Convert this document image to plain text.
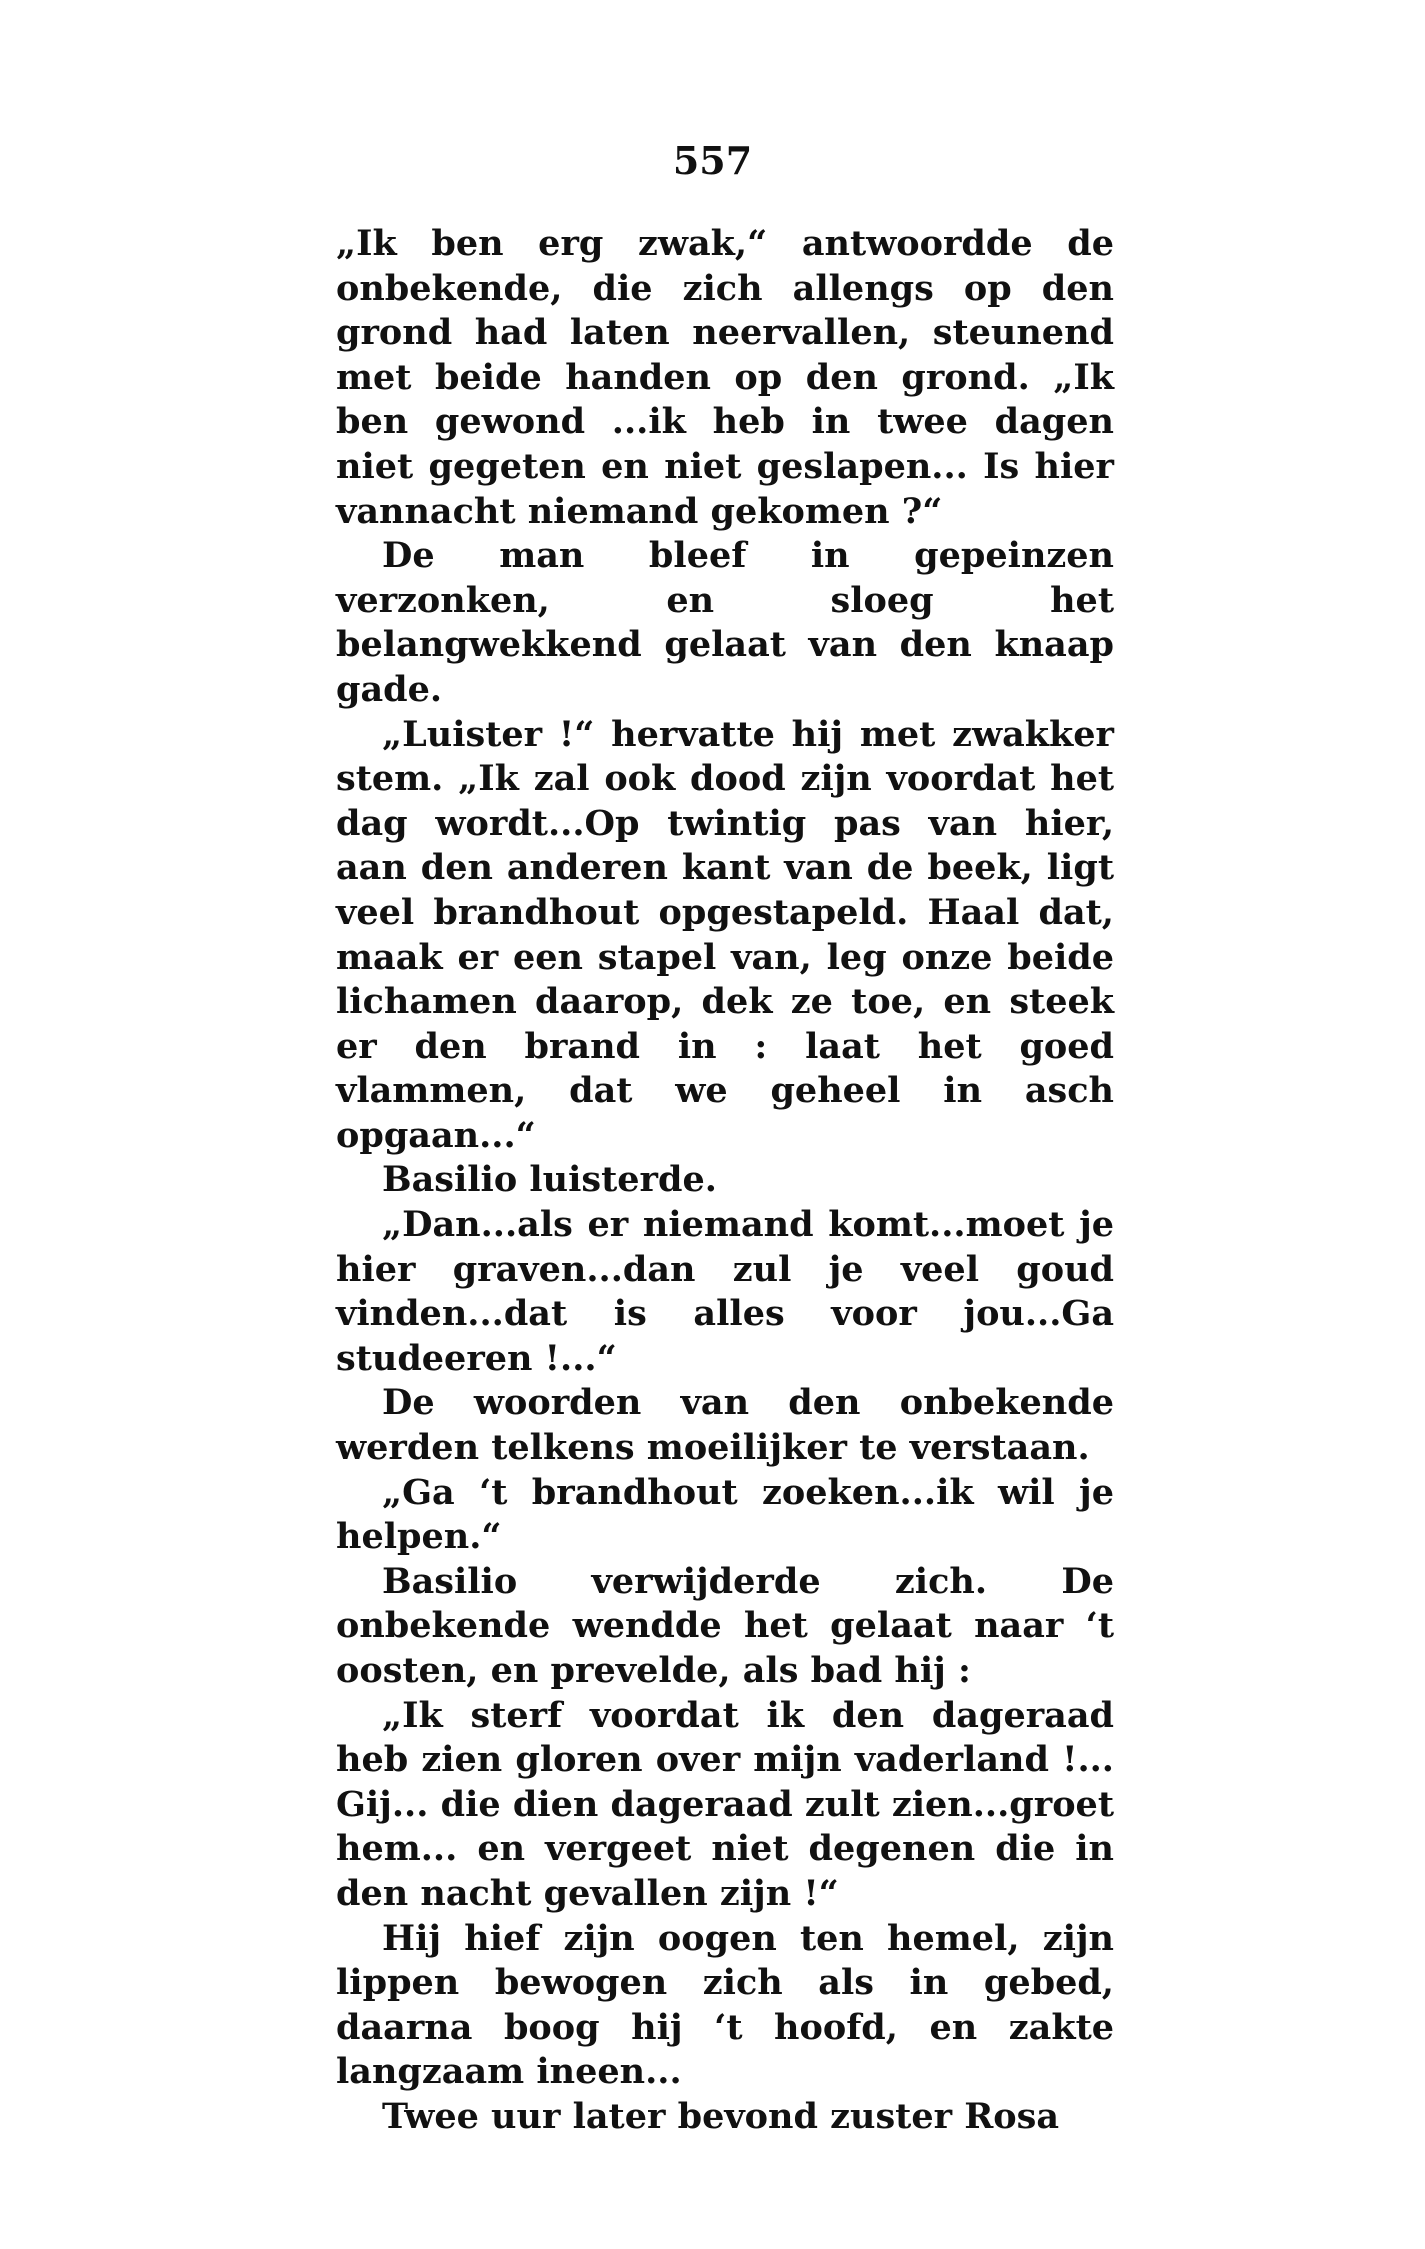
557

„Ik ben erg zwak,“ antwoordde de onbekende, die zich allengs op den grond had laten neervallen, steunend met beide handen op den grond. „Ik ben gewond ...ik heb in twee dagen niet gegeten en niet geslapen... Is hier vannacht niemand gekomen ?“

De man bleef in gepeinzen verzonken, en sloeg het belangwekkend gelaat van den knaap gade.

„Luister !“ hervatte hij met zwakker stem. „Ik zal ook dood zijn voordat het dag wordt...Op twintig pas van hier, aan den anderen kant van de beek, ligt veel brandhout opgestapeld. Haal dat, maak er een stapel van, leg onze beide lichamen daarop, dek ze toe, en steek er den brand in : laat het goed vlammen, dat we geheel in asch opgaan...“

Basilio luisterde.

„Dan...als er niemand komt...moet je hier graven...dan zul je veel goud vinden...dat is alles voor jou...Ga studeeren !...“

De woorden van den onbekende werden telkens moeilijker te verstaan.

„Ga ‘t brandhout zoeken...ik wil je helpen.“

Basilio verwijderde zich. De onbekende wendde het gelaat naar ‘t oosten, en prevelde, als bad hij :

„Ik sterf voordat ik den dageraad heb zien gloren over mijn vaderland !... Gij... die dien dageraad zult zien...groet hem... en vergeet niet degenen die in den nacht gevallen zijn !“

Hij hief zijn oogen ten hemel, zijn lippen bewogen zich als in gebed, daarna boog hij ‘t hoofd, en zakte langzaam ineen...

Twee uur later bevond zuster Rosa
